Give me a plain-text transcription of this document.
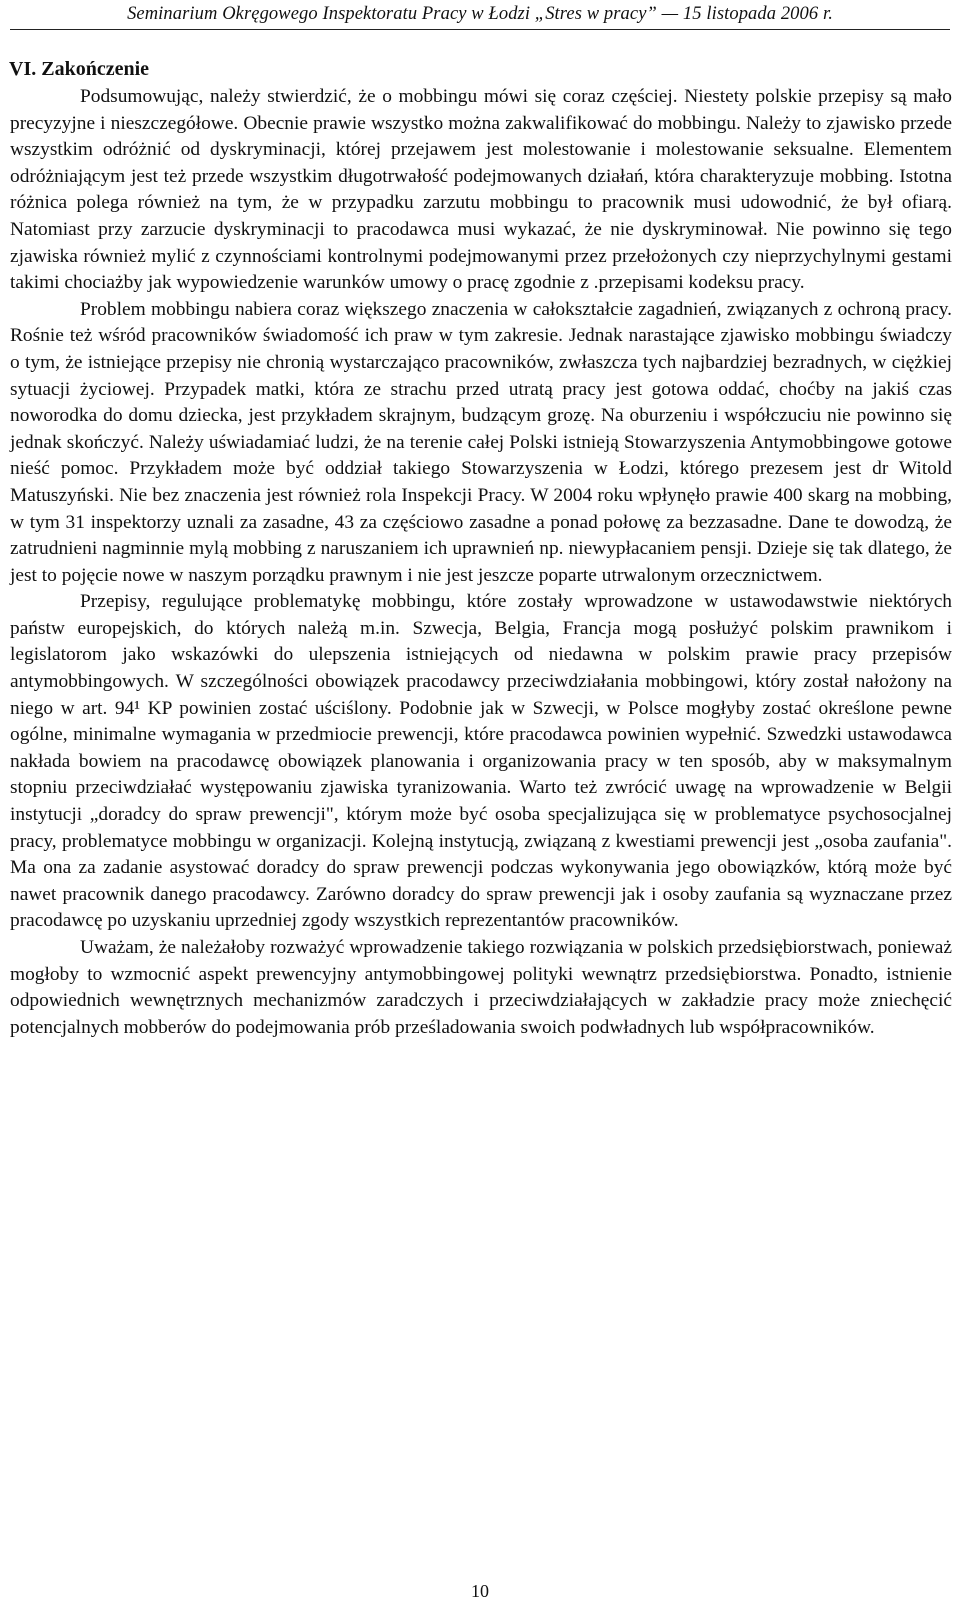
Seminarium Okręgowego Inspektoratu Pracy w Łodzi „Stres w pracy” — 15 listopada 2006 r.
VI. Zakończenie

Podsumowując, należy stwierdzić, że o mobbingu mówi się coraz częściej. Niestety polskie przepisy są mało precyzyjne i nieszczegółowe. Obecnie prawie wszystko można zakwalifikować do mobbingu. Należy to zjawisko przede wszystkim odróżnić od dyskryminacji, której przejawem jest molestowanie i molestowanie seksualne. Elementem odróżniającym jest też przede wszystkim długotrwałość podejmowanych działań, która charakteryzuje mobbing. Istotna różnica polega również na tym, że w przypadku zarzutu mobbingu to pracownik musi udowodnić, że był ofiarą. Natomiast przy zarzucie dyskryminacji to pracodawca musi wykazać, że nie dyskryminował. Nie powinno się tego zjawiska również mylić z czynnościami kontrolnymi podejmowanymi przez przełożonych czy nieprzychylnymi gestami takimi chociażby jak wypowiedzenie warunków umowy o pracę zgodnie z .przepisami kodeksu pracy.

Problem mobbingu nabiera coraz większego znaczenia w całokształcie zagadnień, związanych z ochroną pracy. Rośnie też wśród pracowników świadomość ich praw w tym zakresie. Jednak narastające zjawisko mobbingu świadczy o tym, że istniejące przepisy nie chronią wystarczająco pracowników, zwłaszcza tych najbardziej bezradnych, w ciężkiej sytuacji życiowej. Przypadek matki, która ze strachu przed utratą pracy jest gotowa oddać, choćby na jakiś czas noworodka do domu dziecka, jest przykładem skrajnym, budzącym grozę. Na oburzeniu i współczuciu nie powinno się jednak skończyć. Należy uświadamiać ludzi, że na terenie całej Polski istnieją Stowarzyszenia Antymobbingowe gotowe nieść pomoc. Przykładem może być oddział takiego Stowarzyszenia w Łodzi, którego prezesem jest dr Witold Matuszyński. Nie bez znaczenia jest również rola Inspekcji Pracy. W 2004 roku wpłynęło prawie 400 skarg na mobbing, w tym 31 inspektorzy uznali za zasadne, 43 za częściowo zasadne a ponad połowę za bezzasadne. Dane te dowodzą, że zatrudnieni nagminnie mylą mobbing z naruszaniem ich uprawnień np. niewypłacaniem pensji. Dzieje się tak dlatego, że jest to pojęcie nowe w naszym porządku prawnym i nie jest jeszcze poparte utrwalonym orzecznictwem.

Przepisy, regulujące problematykę mobbingu, które zostały wprowadzone w ustawodawstwie niektórych państw europejskich, do których należą m.in. Szwecja, Belgia, Francja mogą posłużyć polskim prawnikom i legislatorom jako wskazówki do ulepszenia istniejących od niedawna w polskim prawie pracy przepisów antymobbingowych. W szczególności obowiązek pracodawcy przeciwdziałania mobbingowi, który został nałożony na niego w art. 94¹ KP powinien zostać uściślony. Podobnie jak w Szwecji, w Polsce mogłyby zostać określone pewne ogólne, minimalne wymagania w przedmiocie prewencji, które pracodawca powinien wypełnić. Szwedzki ustawodawca nakłada bowiem na pracodawcę obowiązek planowania i organizowania pracy w ten sposób, aby w maksymalnym stopniu przeciwdziałać występowaniu zjawiska tyranizowania. Warto też zwrócić uwagę na wprowadzenie w Belgii instytucji „doradcy do spraw prewencji", którym może być osoba specjalizująca się w problematyce psychosocjalnej pracy, problematyce mobbingu w organizacji. Kolejną instytucją, związaną z kwestiami prewencji jest „osoba zaufania". Ma ona za zadanie asystować doradcy do spraw prewencji podczas wykonywania jego obowiązków, którą może być nawet pracownik danego pracodawcy. Zarówno doradcy do spraw prewencji jak i osoby zaufania są wyznaczane przez pracodawcę po uzyskaniu uprzedniej zgody wszystkich reprezentantów pracowników.

Uważam, że należałoby rozważyć wprowadzenie takiego rozwiązania w polskich przedsiębiorstwach, ponieważ mogłoby to wzmocnić aspekt prewencyjny antymobbingowej polityki wewnątrz przedsiębiorstwa. Ponadto, istnienie odpowiednich wewnętrznych mechanizmów zaradczych i przeciwdziałających w zakładzie pracy może zniechęcić potencjalnych mobberów do podejmowania prób prześladowania swoich podwładnych lub współpracowników.

10
